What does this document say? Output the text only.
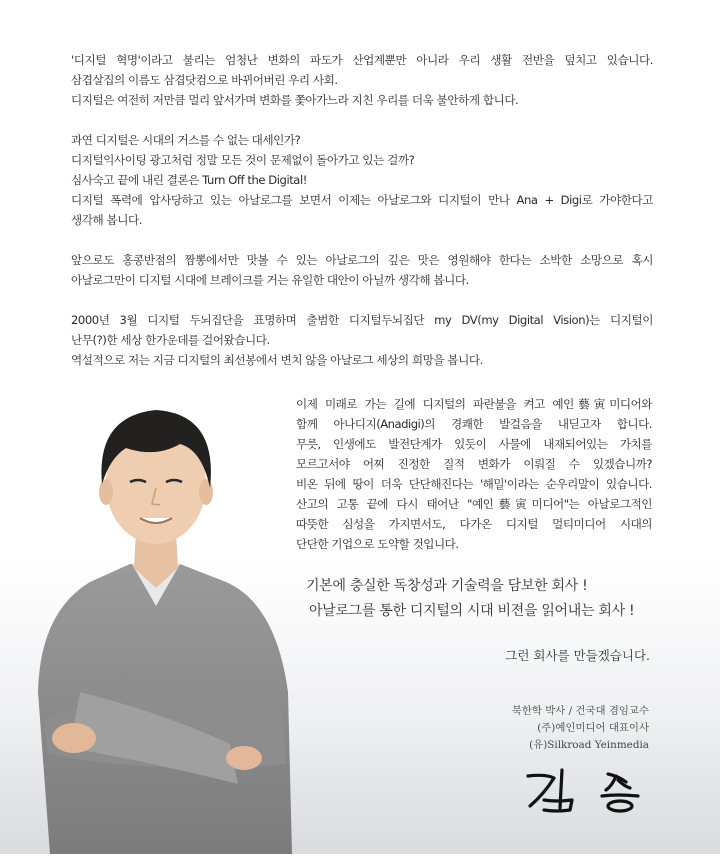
'디지털 혁명'이라고 불리는 엄청난 변화의 파도가 산업계뿐만 아니라 우리 생활 전반을 덮치고 있습니다.

삼겹살집의 이름도 삼겹닷컴으로 바뀌어버린 우리 사회.

디지털은 여전히 저만큼 멀리 앞서가며 변화를 쫓아가느라 지친 우리를 더욱 불안하게 합니다.

과연 디지털은 시대의 거스를 수 없는 대세인가?

디지털익사이팅 광고처럼 정말 모든 것이 문제없이 돌아가고 있는 걸까?

심사숙고 끝에 내린 결론은 Turn Off the Digital!

디지털 폭력에 압사당하고 있는 아날로그를 보면서 이제는 아날로그와 디지털이 만나 Ana + Digi로 가야한다고

생각해 봅니다.

앞으로도 홍콩반점의 짬뽕에서만 맛볼 수 있는 아날로그의 깊은 맛은 영원해야 한다는 소박한 소망으로 혹시

아날로그만이 디지털 시대에 브레이크를 거는 유일한 대안이 아닐까 생각해 봅니다.

2000년 3월 디지털 두뇌집단을 표명하며 출범한 디지털두뇌집단 my DV(my Digital Vision)는 디지털이

난무(?)한 세상 한가운데를 걸어왔습니다.

역설적으로 저는 지금 디지털의 최선봉에서 변치 않을 아날로그 세상의 희망을 봅니다.

이제 미래로 가는 길에 디지털의 파란불을 켜고 예인藝寅미디어와

함께 아나디지(Anadigi)의 경쾌한 발걸음을 내딛고자 합니다.

무릇, 인생에도 발전단계가 있듯이 사물에 내재되어있는 가치를

모르고서야 어찌 진정한 질적 변화가 이뤄질 수 있겠습니까?

비온 뒤에 땅이 더욱 단단해진다는 '해밀'이라는 순우리말이 있습니다.

산고의 고통 끝에 다시 태어난 "예인藝寅미디어"는 아날로그적인

따뜻한 심성을 가지면서도, 다가온 디지털 멀티미디어 시대의

단단한 기업으로 도약할 것입니다.

기본에 충실한 독창성과 기술력을 담보한 회사 !

아날로그를 통한 디지털의 시대 비젼을 읽어내는 회사 !

그런 회사를 만들겠습니다.

북한학 박사 / 건국대 겸임교수

(주)예인미디어 대표이사

(유)Silkroad Yeinmedia
